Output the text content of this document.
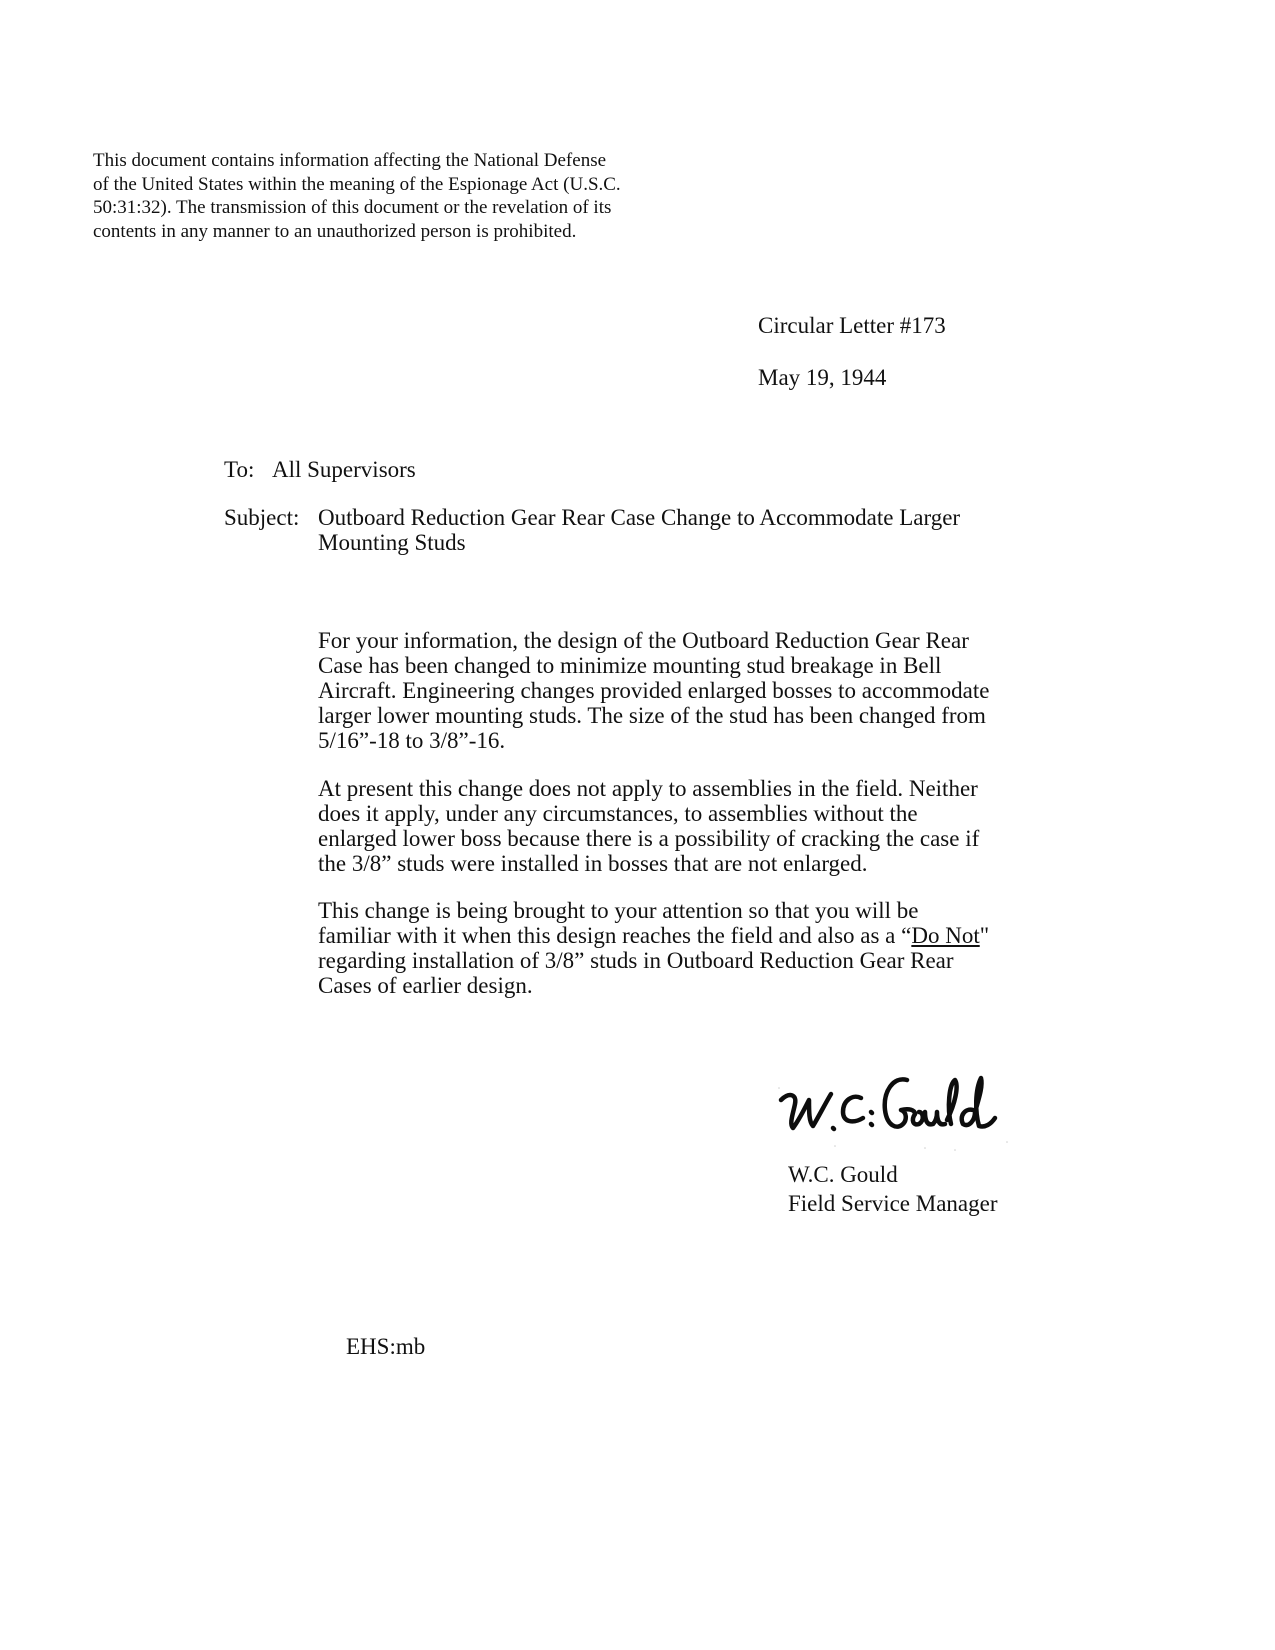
This document contains information affecting the National Defense
of the United States within the meaning of the Espionage Act (U.S.C.
50:31:32). The transmission of this document or the revelation of its
contents in any manner to an unauthorized person is prohibited.
Circular Letter #173
May 19, 1944
To: All Supervisors
Subject: Outboard Reduction Gear Rear Case Change to Accommodate Larger
Mounting Studs
For your information, the design of the Outboard Reduction Gear Rear
Case has been changed to minimize mounting stud breakage in Bell
Aircraft. Engineering changes provided enlarged bosses to accommodate
larger lower mounting studs. The size of the stud has been changed from
5/16”-18 to 3/8”-16.
At present this change does not apply to assemblies in the field. Neither
does it apply, under any circumstances, to assemblies without the
enlarged lower boss because there is a possibility of cracking the case if
the 3/8” studs were installed in bosses that are not enlarged.
This change is being brought to your attention so that you will be
familiar with it when this design reaches the field and also as a “Do Not"
regarding installation of 3/8” studs in Outboard Reduction Gear Rear
Cases of earlier design.
W.C. Gould
Field Service Manager
EHS:mb
